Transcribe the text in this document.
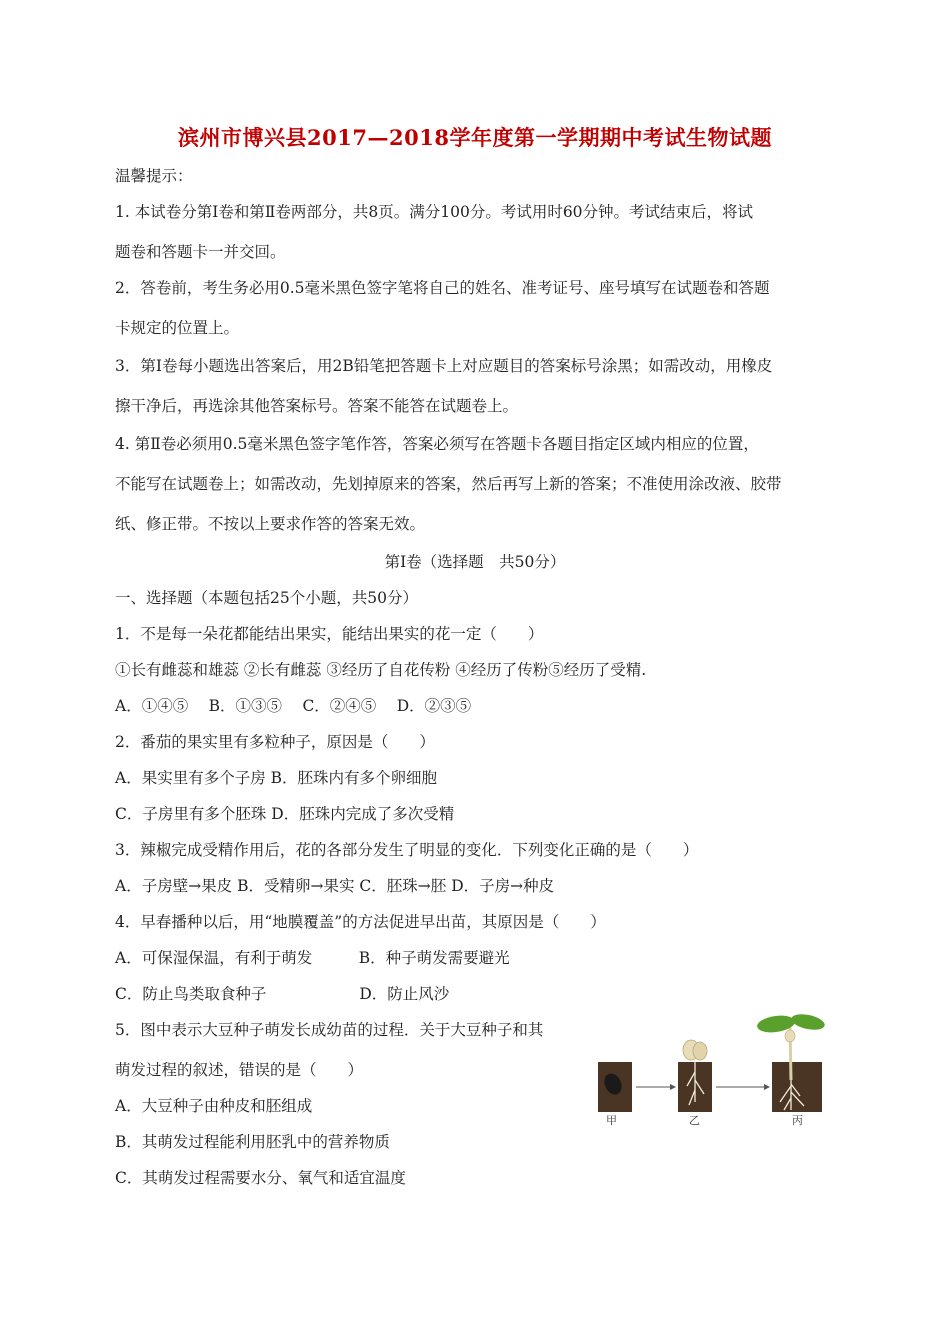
滨州市博兴县2017—2018学年度第一学期期中考试生物试题
温馨提示：
1. 本试卷分第Ⅰ卷和第Ⅱ卷两部分，共8页。满分100分。考试用时60分钟。考试结束后，将试
题卷和答题卡一并交回。
2．答卷前，考生务必用0.5毫米黑色签字笔将自己的姓名、准考证号、座号填写在试题卷和答题
卡规定的位置上。
3．第Ⅰ卷每小题选出答案后，用2B铅笔把答题卡上对应题目的答案标号涂黑；如需改动，用橡皮
擦干净后，再选涂其他答案标号。答案不能答在试题卷上。
4. 第Ⅱ卷必须用0.5毫米黑色签字笔作答，答案必须写在答题卡各题目指定区域内相应的位置，
不能写在试题卷上；如需改动，先划掉原来的答案，然后再写上新的答案；不准使用涂改液、胶带
纸、修正带。不按以上要求作答的答案无效。
第Ⅰ卷（选择题　共50分）
一、选择题（本题包括25个小题，共50分）
1．不是每一朵花都能结出果实，能结出果实的花一定（　　）
①长有雌蕊和雄蕊 ②长有雌蕊 ③经历了自花传粉 ④经历了传粉⑤经历了受精.
A．①④⑤　 B．①③⑤　 C．②④⑤　 D．②③⑤
2．番茄的果实里有多粒种子，原因是（　　）
A．果实里有多个子房 B．胚珠内有多个卵细胞
C．子房里有多个胚珠 D．胚珠内完成了多次受精
3．辣椒完成受精作用后，花的各部分发生了明显的变化．下列变化正确的是（　　）
A．子房壁→果皮 B．受精卵→果实 C．胚珠→胚 D．子房→种皮
4．早春播种以后，用“地膜覆盖”的方法促进早出苗，其原因是（　　）
A．可保湿保温，有利于萌发　　　B．种子萌发需要避光
C．防止鸟类取食种子　　　　　　D．防止风沙
5．图中表示大豆种子萌发长成幼苗的过程．关于大豆种子和其
萌发过程的叙述，错误的是（　　）
A．大豆种子由种皮和胚组成
B．其萌发过程能利用胚乳中的营养物质
C．其萌发过程需要水分、氧气和适宜温度
甲	乙	丙
